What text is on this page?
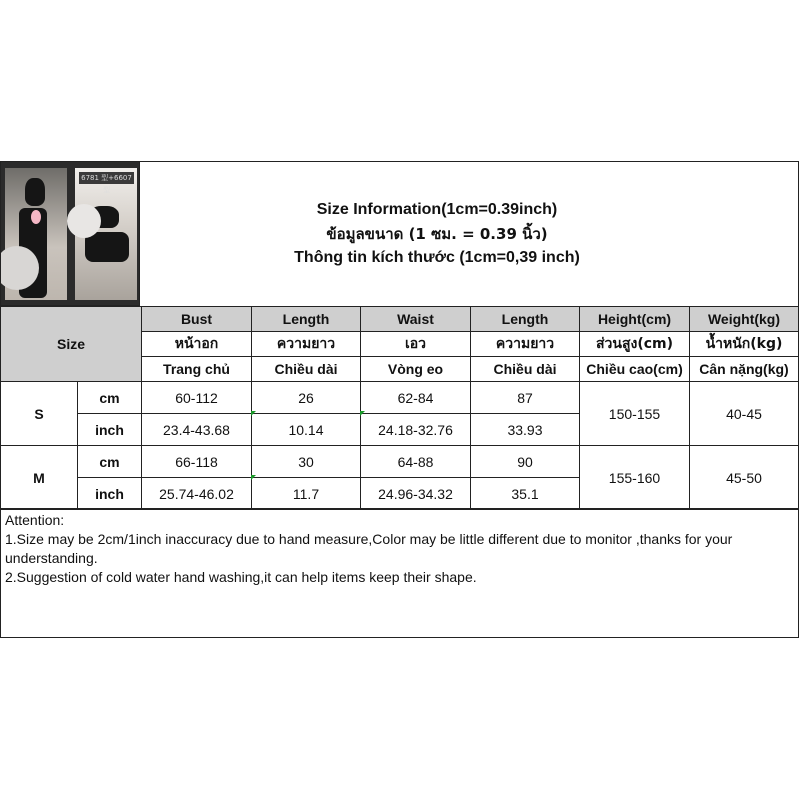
6781 型+6607型
Size Information(1cm=0.39inch)
ข้อมูลขนาด (1 ซม. = 0.39 นิ้ว)
Thông tin kích thước (1cm=0,39 inch)
Size		Bust	Length	Waist	Length	Height(cm)	Weight(kg)
		หน้าอก	ความยาว	เอว	ความยาว	ส่วนสูง(cm)	น้ำหนัก(kg)
		Trang chủ	Chiều dài	Vòng eo	Chiều dài	Chiều cao(cm)	Cân nặng(kg)
S	cm	60-112	26	62-84	87	150-155	40-45
	inch	23.4-43.68	10.14	24.18-32.76	33.93		
M	cm	66-118	30	64-88	90	155-160	45-50
	inch	25.74-46.02	11.7	24.96-34.32	35.1		

Attention:

1.Size may be 2cm/1inch inaccuracy due to hand measure,Color may be little different due to monitor ,thanks for your understanding.

2.Suggestion of cold water hand washing,it can help items keep their shape.
